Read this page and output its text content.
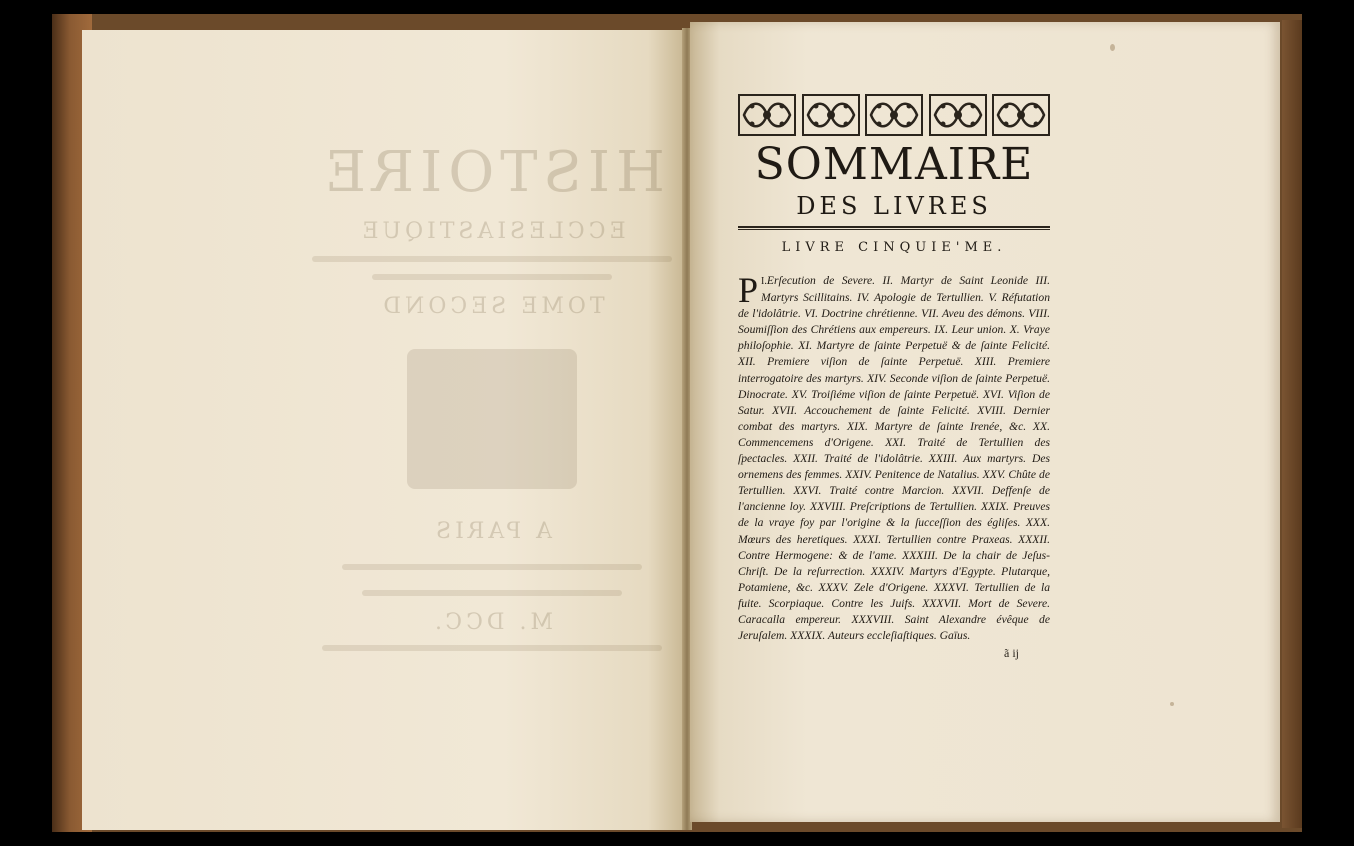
HISTOIRE
ECCLESIASTIQUE
TOME SECOND
A PARIS
M. DCC.
SOMMAIRE
DES LIVRES
LIVRE CINQUIE'ME.

I.
P Erſecution de Severe. II. Martyr de Saint Leonide III. Martyrs Scillitains. IV. Apologie de Tertullien. V. Réfutation de l'idolâtrie. VI. Doctrine chrétienne. VII. Aveu des démons. VIII. Soumiſſion des Chrétiens aux empereurs. IX. Leur union. X. Vraye philoſophie. XI. Martyre de ſainte Perpetuë & de ſainte Felicité. XII. Premiere viſion de ſainte Perpetuë. XIII. Premiere interrogatoire des martyrs. XIV. Seconde viſion de ſainte Perpetuë. Dinocrate. XV. Troiſiéme viſion de ſainte Perpetuë. XVI. Viſion de Satur. XVII. Accouchement de ſainte Felicité. XVIII. Dernier combat des martyrs. XIX. Martyre de ſainte Irenée, &c. XX. Commencemens d'Origene. XXI. Traité de Tertullien des ſpectacles. XXII. Traité de l'idolâtrie. XXIII. Aux martyrs. Des ornemens des femmes. XXIV. Penitence de Natalius. XXV. Chûte de Tertullien. XXVI. Traité contre Marcion. XXVII. Deffenſe de l'ancienne loy. XXVIII. Preſcriptions de Tertullien. XXIX. Preuves de la vraye foy par l'origine & la ſucceſſion des égliſes. XXX. Mœurs des heretiques. XXXI. Tertullien contre Praxeas. XXXII. Contre Hermogene: & de l'ame. XXXIII. De la chair de Jeſus-Chriſt. De la reſurrection. XXXIV. Martyrs d'Egypte. Plutarque, Potamiene, &c. XXXV. Zele d'Origene. XXXVI. Tertullien de la fuite. Scorpiaque. Contre les Juifs. XXXVII. Mort de Severe. Caracalla empereur. XXXVIII. Saint Alexandre évêque de Jeruſalem. XXXIX. Auteurs eccleſiaſtiques. Gaïus.

ã ij
